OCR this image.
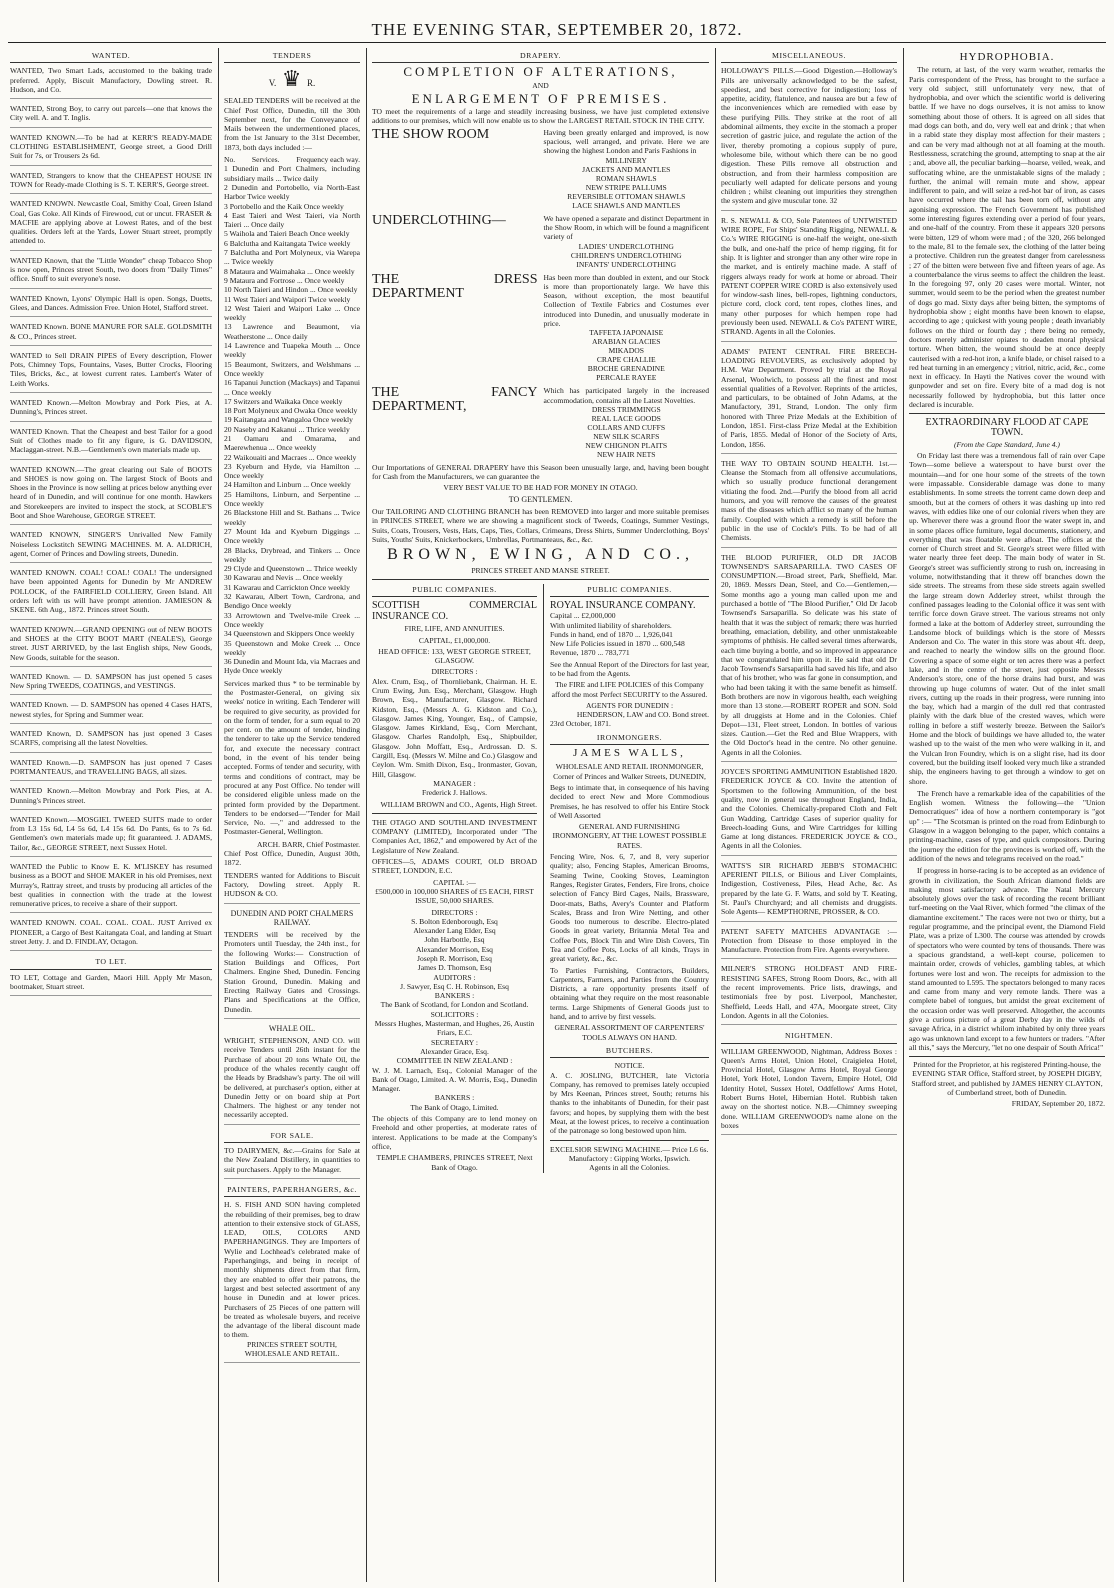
THE EVENING STAR, SEPTEMBER 20, 1872.
WANTED.
WANTED, Two Smart Lads, accustomed to the baking trade preferred. Apply, Biscuit Manufactory, Dowling street. R. Hudson, and Co.
WANTED, Strong Boy, to carry out parcels—one that knows the City well. A. and T. Inglis.
WANTED KNOWN.—To be had at KERR'S READY-MADE CLOTHING ESTABLISHMENT, George street, a Good Drill Suit for 7s, or Trousers 2s 6d.
WANTED, Strangers to know that the CHEAPEST HOUSE IN TOWN for Ready-made Clothing is S. T. KERR'S, George street.
WANTED KNOWN. Newcastle Coal, Smithy Coal, Green Island Coal, Gas Coke. All Kinds of Firewood, cut or uncut. FRASER & MACFIE are applying above at Lowest Rates, and of the best qualities. Orders left at the Yards, Lower Stuart street, promptly attended to.
WANTED Known, that the "Little Wonder" cheap Tobacco Shop is now open, Princes street South, two doors from "Daily Times" office. Snuff to suit everyone's nose.
WANTED Known, Lyons' Olympic Hall is open. Songs, Duetts, Glees, and Dances. Admission Free. Union Hotel, Stafford street.
WANTED Known. BONE MANURE FOR SALE. GOLDSMITH & CO., Princes street.
WANTED to Sell DRAIN PIPES of Every description, Flower Pots, Chimney Tops, Fountains, Vases, Butter Crocks, Flooring Tiles, Bricks, &c., at lowest current rates. Lambert's Water of Leith Works.
WANTED Known.—Melton Mowbray and Pork Pies, at A. Dunning's, Princes street.
WANTED Known. That the Cheapest and best Tailor for a good Suit of Clothes made to fit any figure, is G. DAVIDSON, Maclaggan-street. N.B.—Gentlemen's own materials made up.
WANTED KNOWN.—The great clearing out Sale of BOOTS and SHOES is now going on. The largest Stock of Boots and Shoes in the Province is now selling at prices below anything ever heard of in Dunedin, and will continue for one month. Hawkers and Storekeepers are invited to inspect the stock, at SCOBLE'S Boot and Shoe Warehouse, GEORGE STREET.
WANTED KNOWN, SINGER'S Unrivalled New Family Noiseless Lockstitch SEWING MACHINES. M. A. ALDRICH, agent, Corner of Princes and Dowling streets, Dunedin.
WANTED KNOWN. COAL! COAL! COAL! The undersigned have been appointed Agents for Dunedin by Mr ANDREW POLLOCK, of the FAIRFIELD COLLIERY, Green Island. All orders left with us will have prompt attention. JAMIESON & SKENE. 6th Aug., 1872. Princes street South.
WANTED KNOWN.—GRAND OPENING out of NEW BOOTS and SHOES at the CITY BOOT MART (NEALE'S), George street. JUST ARRIVED, by the last English ships, New Goods, New Goods, suitable for the season.
WANTED Known. — D. SAMPSON has just opened 5 cases New Spring TWEEDS, COATINGS, and VESTINGS.
WANTED Known. — D. SAMPSON has opened 4 Cases HATS, newest styles, for Spring and Summer wear.
WANTED Known, D. SAMPSON has just opened 3 Cases SCARFS, comprising all the latest Novelties.
WANTED Known.—D. SAMPSON has just opened 7 Cases PORTMANTEAUS, and TRAVELLING BAGS, all sizes.
WANTED Known.—Melton Mowbray and Pork Pies, at A. Dunning's Princes street.
WANTED Known.—MOSGIEL TWEED SUITS made to order from L3 15s 6d, L4 5s 6d, L4 15s 6d. Do Pants, 6s to 7s 6d. Gentlemen's own materials made up; fit guaranteed. J. ADAMS, Tailor, &c., GEORGE STREET, next Sussex Hotel.
WANTED the Public to Know E. K. M'LISKEY has resumed business as a BOOT and SHOE MAKER in his old Premises, next Murray's, Rattray street, and trusts by producing all articles of the best qualities in connection with the trade at the lowest remunerative prices, to receive a share of their support.
WANTED KNOWN. COAL. COAL. COAL. JUST Arrived ex PIONEER, a Cargo of Best Kaitangata Coal, and landing at Stuart street Jetty. J. and D. FINDLAY, Octagon.
TO LET.

TO LET, Cottage and Garden, Maori Hill. Apply Mr Mason, bootmaker, Stuart street.

TENDERS
V. ♛ R.

SEALED TENDERS will be received at the Chief Post Office, Dunedin, till the 30th September next, for the Conveyance of Mails between the undermentioned places, from the 1st January to the 31st December, 1873, both days included :—

No. Services. Frequency each way.
1 Dunedin and Port Chalmers, including subsidiary mails ... Twice daily
2 Dunedin and Portobello, via North-East Harbor Twice weekly
3 Portobello and the Kaik Once weekly
4 East Taieri and West Taieri, via North Taieri ... Once daily
5 Waihola and Taieri Beach Once weekly
6 Balclutha and Kaitangata Twice weekly
7 Balclutha and Port Molyneux, via Warepa ... Twice weekly
8 Mataura and Waimahaka ... Once weekly
9 Mataura and Fortrose ... Once weekly
10 North Taieri and Hindon ... Once weekly
11 West Taieri and Waipori Twice weekly
12 West Taieri and Waipori Lake ... Once weekly
13 Lawrence and Beaumont, via Weatherstone ... Once daily
14 Lawrence and Tuapeka Mouth ... Once weekly
15 Beaumont, Switzers, and Welshmans ... Once weekly
16 Tapanui Junction (Mackays) and Tapanui ... Once weekly
17 Switzers and Waikaka Once weekly
18 Port Molyneux and Owaka Once weekly
19 Kaitangata and Wangaloa Once weekly
20 Naseby and Kakanui ... Thrice weekly
21 Oamaru and Omarama, and Maerewhenua ... Once weekly
22 Waikouaiti and Macraes ... Once weekly
23 Kyeburn and Hyde, via Hamilton ... Once weekly
24 Hamilton and Linburn ... Once weekly
25 Hamiltons, Linburn, and Serpentine ... Once weekly
26 Blackstone Hill and St. Bathans ... Twice weekly
27 Mount Ida and Kyeburn Diggings ... Once weekly
28 Blacks, Drybread, and Tinkers ... Once weekly
29 Clyde and Queenstown ... Thrice weekly
30 Kawarau and Nevis ... Once weekly
31 Kawarau and Carrickton Once weekly
32 Kawarau, Albert Town, Cardrona, and Bendigo Once weekly
33 Arrowtown and Twelve-mile Creek ... Once weekly
34 Queenstown and Skippers Once weekly
35 Queenstown and Moke Creek ... Once weekly
36 Dunedin and Mount Ida, via Macraes and Hyde Once weekly

Services marked thus * to be terminable by the Postmaster-General, on giving six weeks' notice in writing. Each Tenderer will be required to give security, as provided for on the form of tender, for a sum equal to 20 per cent. on the amount of tender, binding the tenderer to take up the Service tendered for, and execute the necessary contract bond, in the event of his tender being accepted. Forms of tender and security, with terms and conditions of contract, may be procured at any Post Office. No tender will be considered eligible unless made on the printed form provided by the Department. Tenders to be endorsed—"Tender for Mail Service, No. —," and addressed to the Postmaster-General, Wellington.

ARCH. BARR, Chief Postmaster.

Chief Post Office, Dunedin, August 30th, 1872.

TENDERS wanted for Additions to Biscuit Factory, Dowling street. Apply R. HUDSON & CO.

DUNEDIN AND PORT CHALMERS RAILWAY.

TENDERS will be received by the Promoters until Tuesday, the 24th inst., for the following Works:— Construction of Station Buildings and Offices, Port Chalmers. Engine Shed, Dunedin. Fencing Station Ground, Dunedin. Making and Erecting Railway Gates and Crossings. Plans and Specifications at the Office, Dunedin.

WHALE OIL.

WRIGHT, STEPHENSON, AND CO. will receive Tenders until 26th instant for the Purchase of about 20 tons Whale Oil, the produce of the whales recently caught off the Heads by Bradshaw's party. The oil will be delivered, at purchaser's option, either at Dunedin Jetty or on board ship at Port Chalmers. The highest or any tender not necessarily accepted.

FOR SALE.

TO DAIRYMEN, &c.—Grains for Sale at the New Zealand Distillery, in quantities to suit purchasers. Apply to the Manager.

PAINTERS, PAPERHANGERS, &c.

H. S. FISH AND SON having completed the rebuilding of their premises, beg to draw attention to their extensive stock of GLASS, LEAD, OILS, COLORS AND PAPERHANGINGS. They are Importers of Wylie and Lochhead's celebrated make of Paperhangings, and being in receipt of monthly shipments direct from that firm, they are enabled to offer their patrons, the largest and best selected assortment of any house in Dunedin and at lower prices. Purchasers of 25 Pieces of one pattern will be treated as wholesale buyers, and receive the advantage of the liberal discount made to them.

PRINCES STREET SOUTH, WHOLESALE AND RETAIL.

DRAPERY.
COMPLETION OF ALTERATIONS,
AND
ENLARGEMENT OF PREMISES.

TO meet the requirements of a large and steadily increasing business, we have just completed extensive additions to our premises, which will now enable us to show the LARGEST RETAIL STOCK IN THE CITY.

THE SHOW ROOM	Having been greatly enlarged and improved, is now spacious, well arranged, and private. Here we are showing the highest London and Paris Fashions in

MILLINERY
JACKETS AND MANTLES
ROMAN SHAWLS
NEW STRIPE PALLUMS
REVERSIBLE OTTOMAN SHAWLS
LACE SHAWLS AND MANTLES
UNDERCLOTHING—	We have opened a separate and distinct Department in the Show Room, in which will be found a magnificent variety of

LADIES' UNDERCLOTHING
CHILDREN'S UNDERCLOTHING
INFANTS' UNDERCLOTHING
THE DRESS DEPARTMENT

Has been more than doubled in extent, and our Stock is more than proportionately large. We have this Season, without exception, the most beautiful Collection of Textile Fabrics and Costumes ever introduced into Dunedin, and unusually moderate in price.

TAFFETA JAPONAISE
ARABIAN GLACIES
MIKADOS
CRAPE CHALLIE
BROCHE GRENADINE
PERCALE RAYEE
THE FANCY DEPARTMENT,

Which has participated largely in the increased accommodation, contains all the Latest Novelties.

DRESS TRIMMINGS
REAL LACE GOODS
COLLARS AND CUFFS
NEW SILK SCARFS
NEW CHIGNON PLAITS
NEW HAIR NETS

Our Importations of GENERAL DRAPERY have this Season been unusually large, and, having been bought for Cash from the Manufacturers, we can guarantee the

VERY BEST VALUE TO BE HAD FOR MONEY IN OTAGO.

TO GENTLEMEN.

Our TAILORING AND CLOTHING BRANCH has been REMOVED into larger and more suitable premises in PRINCES STREET, where we are showing a magnificent stock of Tweeds, Coatings, Summer Vestings, Suits, Coats, Trousers, Vests, Hats, Caps, Ties, Collars, Crimeans, Dress Shirts, Summer Underclothing, Boys' Suits, Youths' Suits, Knickerbockers, Umbrellas, Portmanteaus, &c., &c.

BROWN, EWING, AND CO.,
PRINCES STREET AND MANSE STREET.
PUBLIC COMPANIES.
SCOTTISH COMMERCIAL INSURANCE CO.

FIRE, LIFE, AND ANNUITIES.

CAPITAL, £1,000,000.

HEAD OFFICE: 133, WEST GEORGE STREET, GLASGOW.

DIRECTORS :

Alex. Crum, Esq., of Thornliebank, Chairman. H. E. Crum Ewing, Jun. Esq., Merchant, Glasgow. Hugh Brown, Esq., Manufacturer, Glasgow. Richard Kidston, Esq., (Messrs A. G. Kidston and Co.), Glasgow. James King, Younger, Esq., of Campsie, Glasgow. James Kirkland, Esq., Corn Merchant, Glasgow. Charles Randolph, Esq., Shipbuilder, Glasgow. John Moffatt, Esq., Ardrossan. D. S. Cargill, Esq. (Messrs W. Milne and Co.) Glasgow and Ceylon. Wm. Smith Dixon, Esq., Ironmaster, Govan, Hill, Glasgow.

MANAGER :

Frederick J. Hallows.

WILLIAM BROWN and CO., Agents, High Street.

THE OTAGO AND SOUTHLAND INVESTMENT COMPANY (LIMITED), Incorporated under "The Companies Act, 1862," and empowered by Act of the Legislature of New Zealand.

OFFICES—5, ADAMS COURT, OLD BROAD STREET, LONDON, E.C.

CAPITAL :—

£500,000 in 100,000 SHARES of £5 EACH, FIRST ISSUE, 50,000 SHARES.

DIRECTORS :

S. Bolton Edenborough, Esq
Alexander Lang Elder, Esq
John Harbottle, Esq
Alexander Morrison, Esq
Joseph R. Morrison, Esq
James D. Thomson, Esq

AUDITORS :

J. Sawyer, Esq C. H. Robinson, Esq

BANKERS :

The Bank of Scotland, for London and Scotland.

SOLICITORS :

Messrs Hughes, Masterman, and Hughes, 26, Austin Friars, E.C.

SECRETARY :

Alexander Grace, Esq.

COMMITTEE IN NEW ZEALAND :

W. J. M. Larnach, Esq., Colonial Manager of the Bank of Otago, Limited. A. W. Morris, Esq., Dunedin Manager.

BANKERS :

The Bank of Otago, Limited.

The objects of this Company are to lend money on Freehold and other properties, at moderate rates of interest. Applications to be made at the Company's office,

TEMPLE CHAMBERS, PRINCES STREET, Next Bank of Otago.

PUBLIC COMPANIES.
ROYAL INSURANCE COMPANY.
Capital ... £2,000,000
With unlimited liability of shareholders.
Funds in hand, end of 1870 ... 1,926,041
New Life Policies issued in 1870 ... 600,548
Revenue, 1870 ... 783,771

See the Annual Report of the Directors for last year, to be had from the Agents.

The FIRE and LIFE POLICIES of this Company afford the most Perfect SECURITY to the Assured.

AGENTS FOR DUNEDIN :

HENDERSON, LAW and CO. Bond street.

23rd October, 1871.

IRONMONGERS.
JAMES WALLS,

WHOLESALE AND RETAIL IRONMONGER,

Corner of Princes and Walker Streets, DUNEDIN,

Begs to intimate that, in consequence of his having decided to erect New and More Commodious Premises, he has resolved to offer his Entire Stock of Well Assorted

GENERAL AND FURNISHING IRONMONGERY, AT THE LOWEST POSSIBLE RATES.

Fencing Wire, Nos. 6, 7, and 8, very superior quality; also, Fencing Staples, American Brooms, Seaming Twine, Cooking Stoves, Leamington Ranges, Register Grates, Fenders, Fire Irons, choice selection of Fancy Bird Cages, Nails, Brassware, Door-mats, Baths, Avery's Counter and Platform Scales, Brass and Iron Wire Netting, and other Goods too numerous to describe. Electro-plated Goods in great variety, Britannia Metal Tea and Coffee Pots, Block Tin and Wire Dish Covers, Tin Tea and Coffee Pots, Locks of all kinds, Trays in great variety, &c., &c.

To Parties Furnishing, Contractors, Builders, Carpenters, Farmers, and Parties from the Country Districts, a rare opportunity presents itself of obtaining what they require on the most reasonable terms. Large Shipments of General Goods just to hand, and to arrive by first vessels.

GENERAL ASSORTMENT OF CARPENTERS' TOOLS ALWAYS ON HAND.

BUTCHERS.

NOTICE.

A. C. JOSLING, BUTCHER, late Victoria Company, has removed to premises lately occupied by Mrs Keenan, Princes street, South; returns his thanks to the inhabitants of Dunedin, for their past favors; and hopes, by supplying them with the best Meat, at the lowest prices, to receive a continuation of the patronage so long bestowed upon him.

EXCELSIOR SEWING MACHINE.— Price L6 6s.

Manufactory : Gipping Works, Ipswich.

Agents in all the Colonies.

MISCELLANEOUS.
HOLLOWAY'S PILLS.—Good Digestion.—Holloway's Pills are universally acknowledged to be the safest, speediest, and best corrective for indigestion; loss of appetite, acidity, flatulence, and nausea are but a few of the inconveniences which are remedied with ease by these purifying Pills. They strike at the root of all abdominal ailments, they excite in the stomach a proper secretion of gastric juice, and regulate the action of the liver, thereby promoting a copious supply of pure, wholesome bile, without which there can be no good digestion. These Pills remove all obstruction and obstruction, and from their harmless composition are peculiarly well adapted for delicate persons and young children ; whilst cleaning out impurities they strengthen the system and give muscular tone. 32
R. S. NEWALL & CO, Sole Patentees of UNTWISTED WIRE ROPE, For Ships' Standing Rigging, NEWALL & Co.'s WIRE RIGGING is one-half the weight, one-sixth the bulk, and one-half the price of hemp rigging, fit for ship. It is lighter and stronger than any other wire rope in the market, and is entirely machine made. A staff of riggers always ready for work at home or abroad. Their PATENT COPPER WIRE CORD is also extensively used for window-sash lines, bell-ropes, lightning conductors, picture cord, clock cord, tent ropes, clothes lines, and many other purposes for which hempen rope had previously been used. NEWALL & Co's PATENT WIRE, STRAND. Agents in all the Colonies.
ADAMS' PATENT CENTRAL FIRE BREECH-LOADING REVOLVERS, as exclusively adopted by H.M. War Department. Proved by trial at the Royal Arsenal, Woolwich, to possess all the finest and most essential qualities of a Revolver. Reprints of the articles, and particulars, to be obtained of John Adams, at the Manufactory, 391, Strand, London. The only firm honored with Three Prize Medals at the Exhibition of London, 1851. First-class Prize Medal at the Exhibition of Paris, 1855. Medal of Honor of the Society of Arts, London, 1856.
THE WAY TO OBTAIN SOUND HEALTH. 1st.—Cleanse the Stomach from all offensive accumulations, which so usually produce functional derangement vitiating the food. 2nd.—Purify the blood from all acrid humors, and you will remove the causes of the greatest mass of the diseases which afflict so many of the human family. Coupled with which a remedy is still before the public in the use of Cockle's Pills. To be had of all Chemists.
THE BLOOD PURIFIER, OLD DR JACOB TOWNSEND'S SARSAPARILLA. TWO CASES OF CONSUMPTION.—Broad street, Park, Sheffield, Mar. 20, 1869. Messrs Dean, Steel, and Co.—Gentlemen,—Some months ago a young man called upon me and purchased a bottle of "The Blood Purifier," Old Dr Jacob Townsend's Sarsaparilla. So delicate was his state of health that it was the subject of remark; there was hurried breathing, emaciation, debility, and other unmistakeable symptoms of phthisis. He called several times afterwards, each time buying a bottle, and so improved in appearance that we congratulated him upon it. He said that old Dr Jacob Townsend's Sarsaparilla had saved his life, and also that of his brother, who was far gone in consumption, and who had been taking it with the same benefit as himself. Both brothers are now in vigorous health, each weighing more than 13 stone.—ROBERT ROPER and SON. Sold by all druggists at Home and in the Colonies. Chief Depot—131, Fleet street, London. In bottles of various sizes. Caution.—Get the Red and Blue Wrappers, with the Old Doctor's head in the centre. No other genuine. Agents in all the Colonies.
JOYCE'S SPORTING AMMUNITION Established 1820. FREDERICK JOYCE & CO. Invite the attention of Sportsmen to the following Ammunition, of the best quality, now in general use throughout England, India, and the Colonies. Chemically-prepared Cloth and Felt Gun Wadding, Cartridge Cases of superior quality for Breech-loading Guns, and Wire Cartridges for killing Game at long distances. FREDERICK JOYCE & CO., Agents in all the Colonies.
WATTS'S SIR RICHARD JEBB'S STOMACHIC APERIENT PILLS, or Bilious and Liver Complaints, Indigestion, Costiveness, Piles, Head Ache, &c. As prepared by the late G. F. Watts, and sold by T. Keating, St. Paul's Churchyard; and all chemists and druggists. Sole Agents— KEMPTHORNE, PROSSER, & CO.
PATENT SAFETY MATCHES ADVANTAGE :— Protection from Disease to those employed in the Manufacture. Protection from Fire. Agents everywhere.
MILNER'S STRONG HOLDFAST AND FIRE-RESISTING SAFES, Strong Room Doors, &c., with all the recent improvements. Price lists, drawings, and testimonials free by post. Liverpool, Manchester, Sheffield, Leeds Hall, and 47A, Moorgate street, City London. Agents in all the Colonies.
NIGHTMEN.

WILLIAM GREENWOOD, Nightman, Address Boxes : Queen's Arms Hotel, Union Hotel, Craigielea Hotel, Provincial Hotel, Glasgow Arms Hotel, Royal George Hotel, York Hotel, London Tavern, Empire Hotel, Old Identity Hotel, Sussex Hotel, Oddfellows' Arms Hotel, Robert Burns Hotel, Hibernian Hotel. Rubbish taken away on the shortest notice. N.B.—Chimney sweeping done. WILLIAM GREENWOOD's name alone on the boxes

HYDROPHOBIA.

The return, at last, of the very warm weather, remarks the Paris correspondent of the Press, has brought to the surface a very old subject, still unfortunately very new, that of hydrophobia, and over which the scientific world is delivering battle. If we have no dogs ourselves, it is not amiss to know something about those of others. It is agreed on all sides that mad dogs can both, and do, very well eat and drink ; that when in a rabid state they display most affection for their masters ; and can be very mad although not at all foaming at the mouth. Restlessness, scratching the ground, attempting to snap at the air ; and, above all, the peculiar barking—hoarse, veiled, weak, and suffocating whine, are the unmistakable signs of the malady ; further, the animal will remain mute and show, appear indifferent to pain, and will seize a red-hot bar of iron, as cases have occurred where the tail has been torn off, without any agonising expression. The French Government has published some interesting figures extending over a period of four years, and one-half of the country. From these it appears 320 persons were bitten, 129 of whom were mad ; of the 320, 266 belonged to the male, 81 to the female sex, the clothing of the latter being a protective. Children run the greatest danger from carelessness ; 27 of the bitten were between five and fifteen years of age. As a counterbalance the virus seems to affect the children the least. In the foregoing 97, only 20 cases were mortal. Winter, not summer, would seem to be the period when the greatest number of dogs go mad. Sixty days after being bitten, the symptoms of hydrophobia show ; eight months have been known to elapse, according to age ; quickest with young people ; death invariably follows on the third or fourth day ; there being no remedy, doctors merely administer opiates to deaden moral physical torture. When bitten, the wound should be at once deeply cauterised with a red-hot iron, a knife blade, or chisel raised to a red heat turning in an emergency ; vitriol, nitric, acid, &c., come next in efficacy. In Hayti the Natives cover the wound with gunpowder and set on fire. Every bite of a mad dog is not necessarily followed by hydrophobia, but this latter once declared is incurable.

EXTRAORDINARY FLOOD AT CAPE TOWN.

(From the Cape Standard, June 4.)

On Friday last there was a tremendous fall of rain over Cape Town—some believe a waterspout to have burst over the mountain—and for one hour some of the streets of the town were impassable. Considerable damage was done to many establishments. In some streets the torrent came down deep and smooth, but at the corners of others it was dashing up into red waves, with eddies like one of our colonial rivers when they are up. Wherever there was a ground floor the water swept in, and in some places office furniture, legal documents, stationery, and everything that was floatable were afloat. The offices at the corner of Church street and St. George's street were filled with water nearly three feet deep. The main body of water in St. George's street was sufficiently strong to rush on, increasing in volume, notwithstanding that it threw off branches down the side streets. The streams from these side streets again swelled the large stream down Adderley street, whilst through the confined passages leading to the Colonial office it was sent with terrific force down Grave street. The various streams not only formed a lake at the bottom of Adderley street, surrounding the Landsome block of buildings which is the store of Messrs Anderson and Co. The water in this store was about 4ft. deep, and reached to nearly the window sills on the ground floor. Covering a space of some eight or ten acres there was a perfect lake, and in the centre of the street, just opposite Messrs Anderson's store, one of the horse drains had burst, and was throwing up huge columns of water. Out of the inlet small rivers, cutting up the roads in their progress, were running into the bay, which had a margin of the dull red that contrasted plainly with the dark blue of the crested waves, which were rolling in before a stiff westerly breeze. Between the Sailor's Home and the block of buildings we have alluded to, the water washed up to the waist of the men who were walking in it, and the Vulcan Iron Foundry, which is on a slight rise, had its door covered, but the building itself looked very much like a stranded ship, the engineers having to get through a window to get on shore.

The French have a remarkable idea of the capabilities of the English women. Witness the following—the "Union Democratiques" idea of how a northern contemporary is "got up" :— "The Scotsman is printed on the road from Edinburgh to Glasgow in a waggon belonging to the paper, which contains a printing-machine, cases of type, and quick compositors. During the journey the edition for the provinces is worked off, with the addition of the news and telegrams received on the road."

If progress in horse-racing is to be accepted as an evidence of growth in civilization, the South African diamond fields are making most satisfactory advance. The Natal Mercury absolutely glows over the task of recording the recent brilliant turf-meeting on the Vaal River, which formed "the climax of the diamantine excitement." The races were not two or thirty, but a regular programme, and the principal event, the Diamond Field Plate, was a prize of L300. The course was attended by crowds of spectators who were counted by tens of thousands. There was a spacious grandstand, a well-kept course, policemen to maintain order, crowds of vehicles, gambling tables, at which fortunes were lost and won. The receipts for admission to the stand amounted to L595. The spectators belonged to many races and came from many and very remote lands. There was a complete babel of tongues, but amidst the great excitement of the occasion order was well preserved. Altogether, the accounts give a curious picture of a great Derby day in the wilds of savage Africa, in a district whilom inhabited by only three years ago was unknown land except to a few hunters or traders. "After all this," says the Mercury, "let no one despair of South Africa!"

Printed for the Proprietor, at his registered Printing-house, the EVENING STAR Office, Stafford street, by JOSEPH DIGBY, Stafford street, and published by JAMES HENRY CLAYTON, of Cumberland street, both of Dunedin.

FRIDAY, September 20, 1872.
